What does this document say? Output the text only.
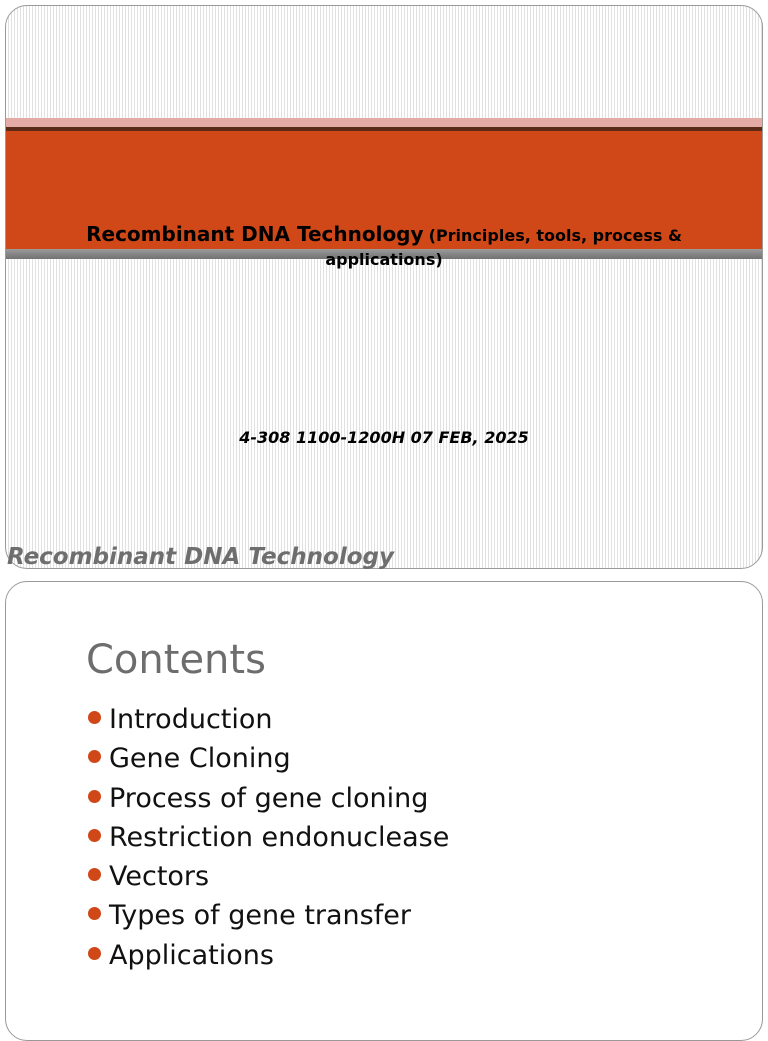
Recombinant DNA Technology (Principles, tools, process & applications)
4-308 1100-1200H 07 FEB, 2025
Recombinant DNA Technology
Contents
Introduction
Gene Cloning
Process of gene cloning
Restriction endonuclease
Vectors
Types of gene transfer
Applications
